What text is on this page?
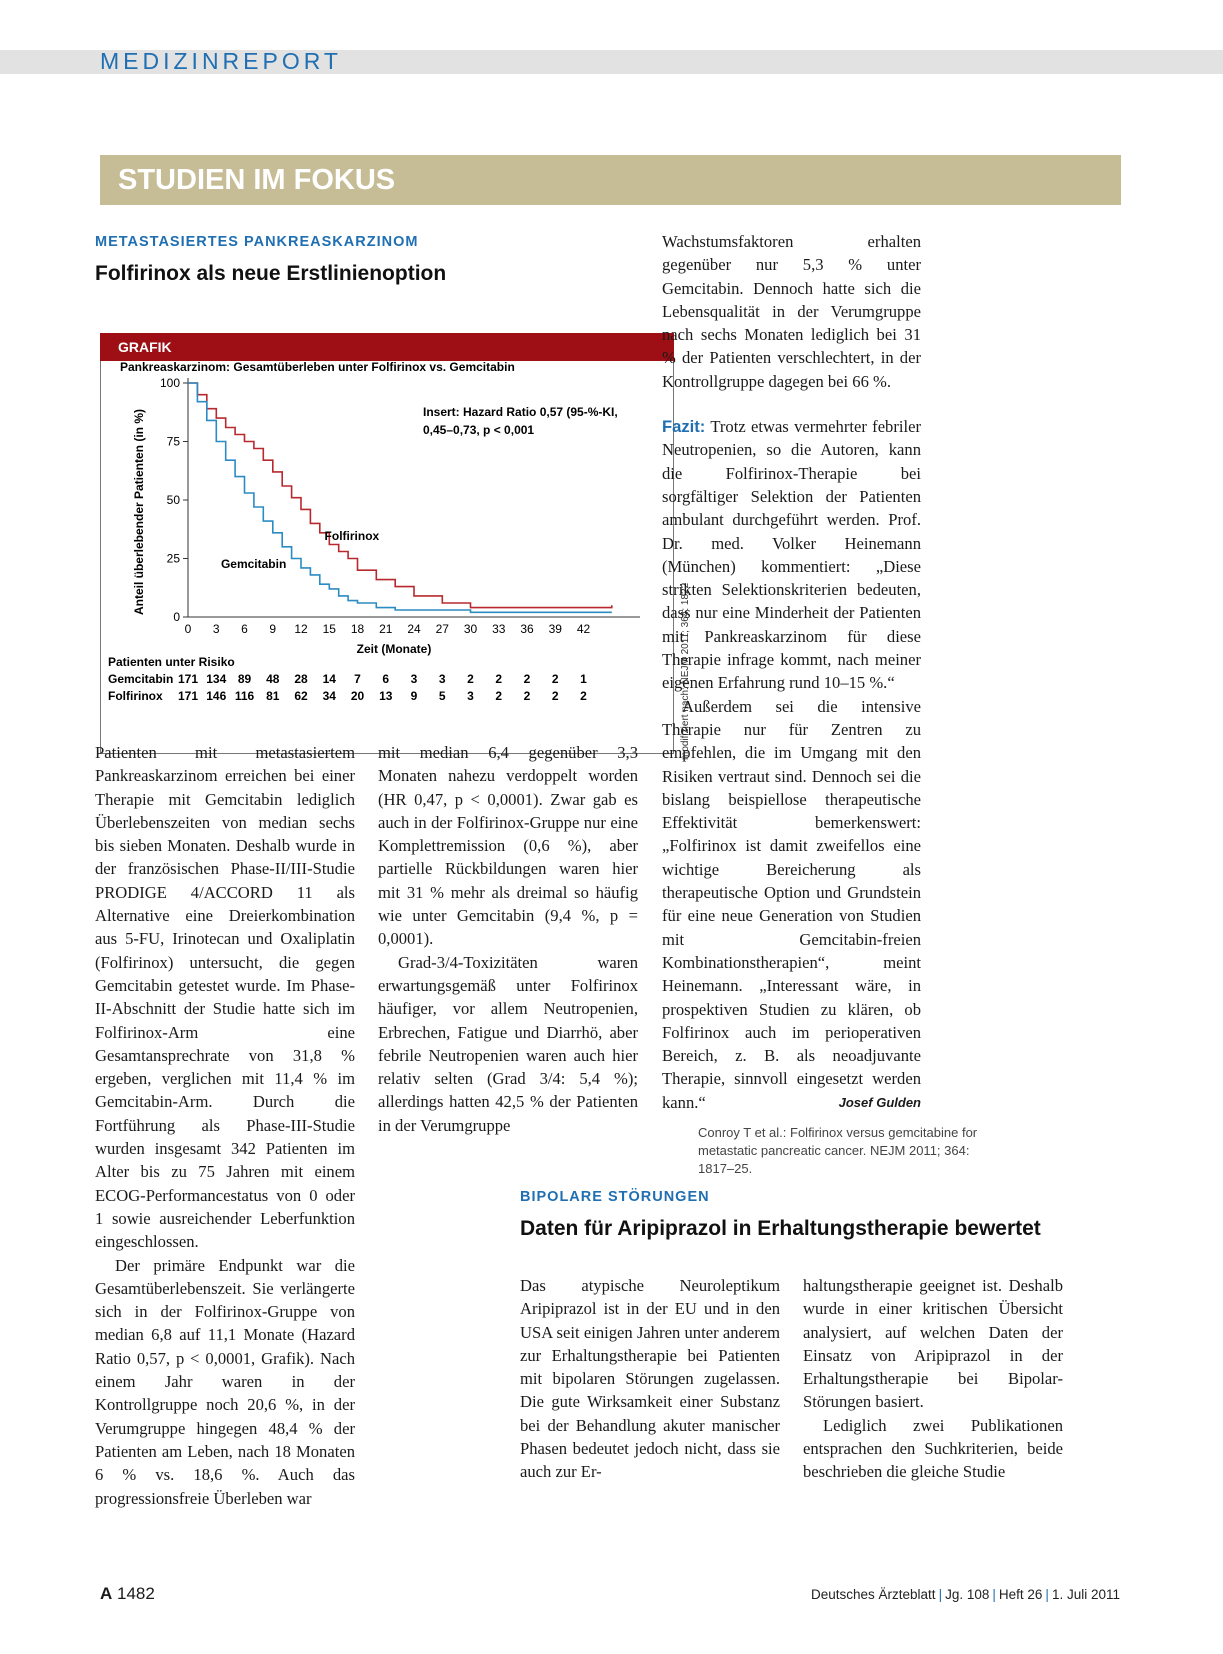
MEDIZINREPORT
STUDIEN IM FOKUS
METASTASIERTES PANKREASKARZINOM
Folfirinox als neue Erstlinienoption
GRAFIK
Pankreaskarzinom: Gesamtüberleben unter Folfirinox vs. Gemcitabin
0
25
50
75
100
0 3 6 9 12 15 18 21 24 27 30 33 36 39 42
Zeit (Monate)
Anteil überlebender Patienten (in %)	Insert: Hazard Ratio 0,57 (95-%-KI,
0,45–0,73, p < 0,001
Folfirinox
Gemcitabin
Patienten unter Risiko
Gemcitabin 171 134 89 48 28 14 7 6 3 3 2 2 2 2 1
Folfirinox 171 146 116 81 62 34 20 13 9 5 3 2 2 2 2	modifiziert nach: NEJM 2011; 364: 1822

Patienten mit metastasiertem Pankreaskarzinom erreichen bei einer Therapie mit Gemcitabin lediglich Überlebenszeiten von median sechs bis sieben Monaten. Deshalb wurde in der französischen Phase-II/III-Studie PRODIGE 4/ACCORD 11 als Alternative eine Dreierkombination aus 5-FU, Irinotecan und Oxaliplatin (Folfirinox) untersucht, die gegen Gemcitabin getestet wurde. Im Phase-II-Abschnitt der Studie hatte sich im Folfirinox-Arm eine Gesamtansprechrate von 31,8 % ergeben, verglichen mit 11,4 % im Gemcitabin-Arm. Durch die Fortführung als Phase-III-Studie wurden insgesamt 342 Patienten im Alter bis zu 75 Jahren mit einem ECOG-Performancestatus von 0 oder 1 sowie ausreichender Leberfunktion eingeschlossen.

Der primäre Endpunkt war die Gesamtüberlebenszeit. Sie verlängerte sich in der Folfirinox-Gruppe von median 6,8 auf 11,1 Monate (Hazard Ratio 0,57, p < 0,0001, Grafik). Nach einem Jahr waren in der Kontrollgruppe noch 20,6 %, in der Verumgruppe hingegen 48,4 % der Patienten am Leben, nach 18 Monaten 6 % vs. 18,6 %. Auch das progressionsfreie Überleben war

mit median 6,4 gegenüber 3,3 Monaten nahezu verdoppelt worden (HR 0,47, p < 0,0001). Zwar gab es auch in der Folfirinox-Gruppe nur eine Komplettremission (0,6 %), aber partielle Rückbildungen waren hier mit 31 % mehr als dreimal so häufig wie unter Gemcitabin (9,4 %, p = 0,0001).

Grad-3/4-Toxizitäten waren erwartungsgemäß unter Folfirinox häufiger, vor allem Neutropenien, Erbrechen, Fatigue und Diarrhö, aber febrile Neutropenien waren auch hier relativ selten (Grad 3/4: 5,4 %); allerdings hatten 42,5 % der Patienten in der Verumgruppe

Wachstumsfaktoren erhalten gegenüber nur 5,3 % unter Gemcitabin. Dennoch hatte sich die Lebensqualität in der Verumgruppe nach sechs Monaten lediglich bei 31 % der Patienten verschlechtert, in der Kontrollgruppe dagegen bei 66 %.

Fazit: Trotz etwas vermehrter febriler Neutropenien, so die Autoren, kann die Folfirinox-Therapie bei sorgfältiger Selektion der Patienten ambulant durchgeführt werden. Prof. Dr. med. Volker Heinemann (München) kommentiert: „Diese strikten Selektionskriterien bedeuten, dass nur eine Minderheit der Patienten mit Pankreaskarzinom für diese Therapie infrage kommt, nach meiner eigenen Erfahrung rund 10–15 %.“

Außerdem sei die intensive Therapie nur für Zentren zu empfehlen, die im Umgang mit den Risiken vertraut sind. Dennoch sei die bislang beispiellose therapeutische Effektivität bemerkenswert: „Folfirinox ist damit zweifellos eine wichtige Bereicherung als therapeutische Option und Grundstein für eine neue Generation von Studien mit Gemcitabin-freien Kombinationstherapien“, meint Heinemann. „Interessant wäre, in prospektiven Studien zu klären, ob Folfirinox auch im perioperativen Bereich, z. B. als neoadjuvante Therapie, sinnvoll eingesetzt werden kann.“	Josef Gulden

Conroy T et al.: Folfirinox versus gemcitabine for metastatic pancreatic cancer. NEJM 2011; 364: 1817–25.
BIPOLARE STÖRUNGEN
Daten für Aripiprazol in Erhaltungstherapie bewertet

Das atypische Neuroleptikum Aripiprazol ist in der EU und in den USA seit einigen Jahren unter anderem zur Erhaltungstherapie bei Patienten mit bipolaren Störungen zugelassen. Die gute Wirksamkeit einer Substanz bei der Behandlung akuter manischer Phasen bedeutet jedoch nicht, dass sie auch zur Er-

haltungstherapie geeignet ist. Deshalb wurde in einer kritischen Übersicht analysiert, auf welchen Daten der Einsatz von Aripiprazol in der Erhaltungstherapie bei Bipolar-Störungen basiert.

Lediglich zwei Publikationen entsprachen den Suchkriterien, beide beschrieben die gleiche Studie

A 1482	Deutsches Ärzteblatt | Jg. 108 | Heft 26 | 1. Juli 2011
